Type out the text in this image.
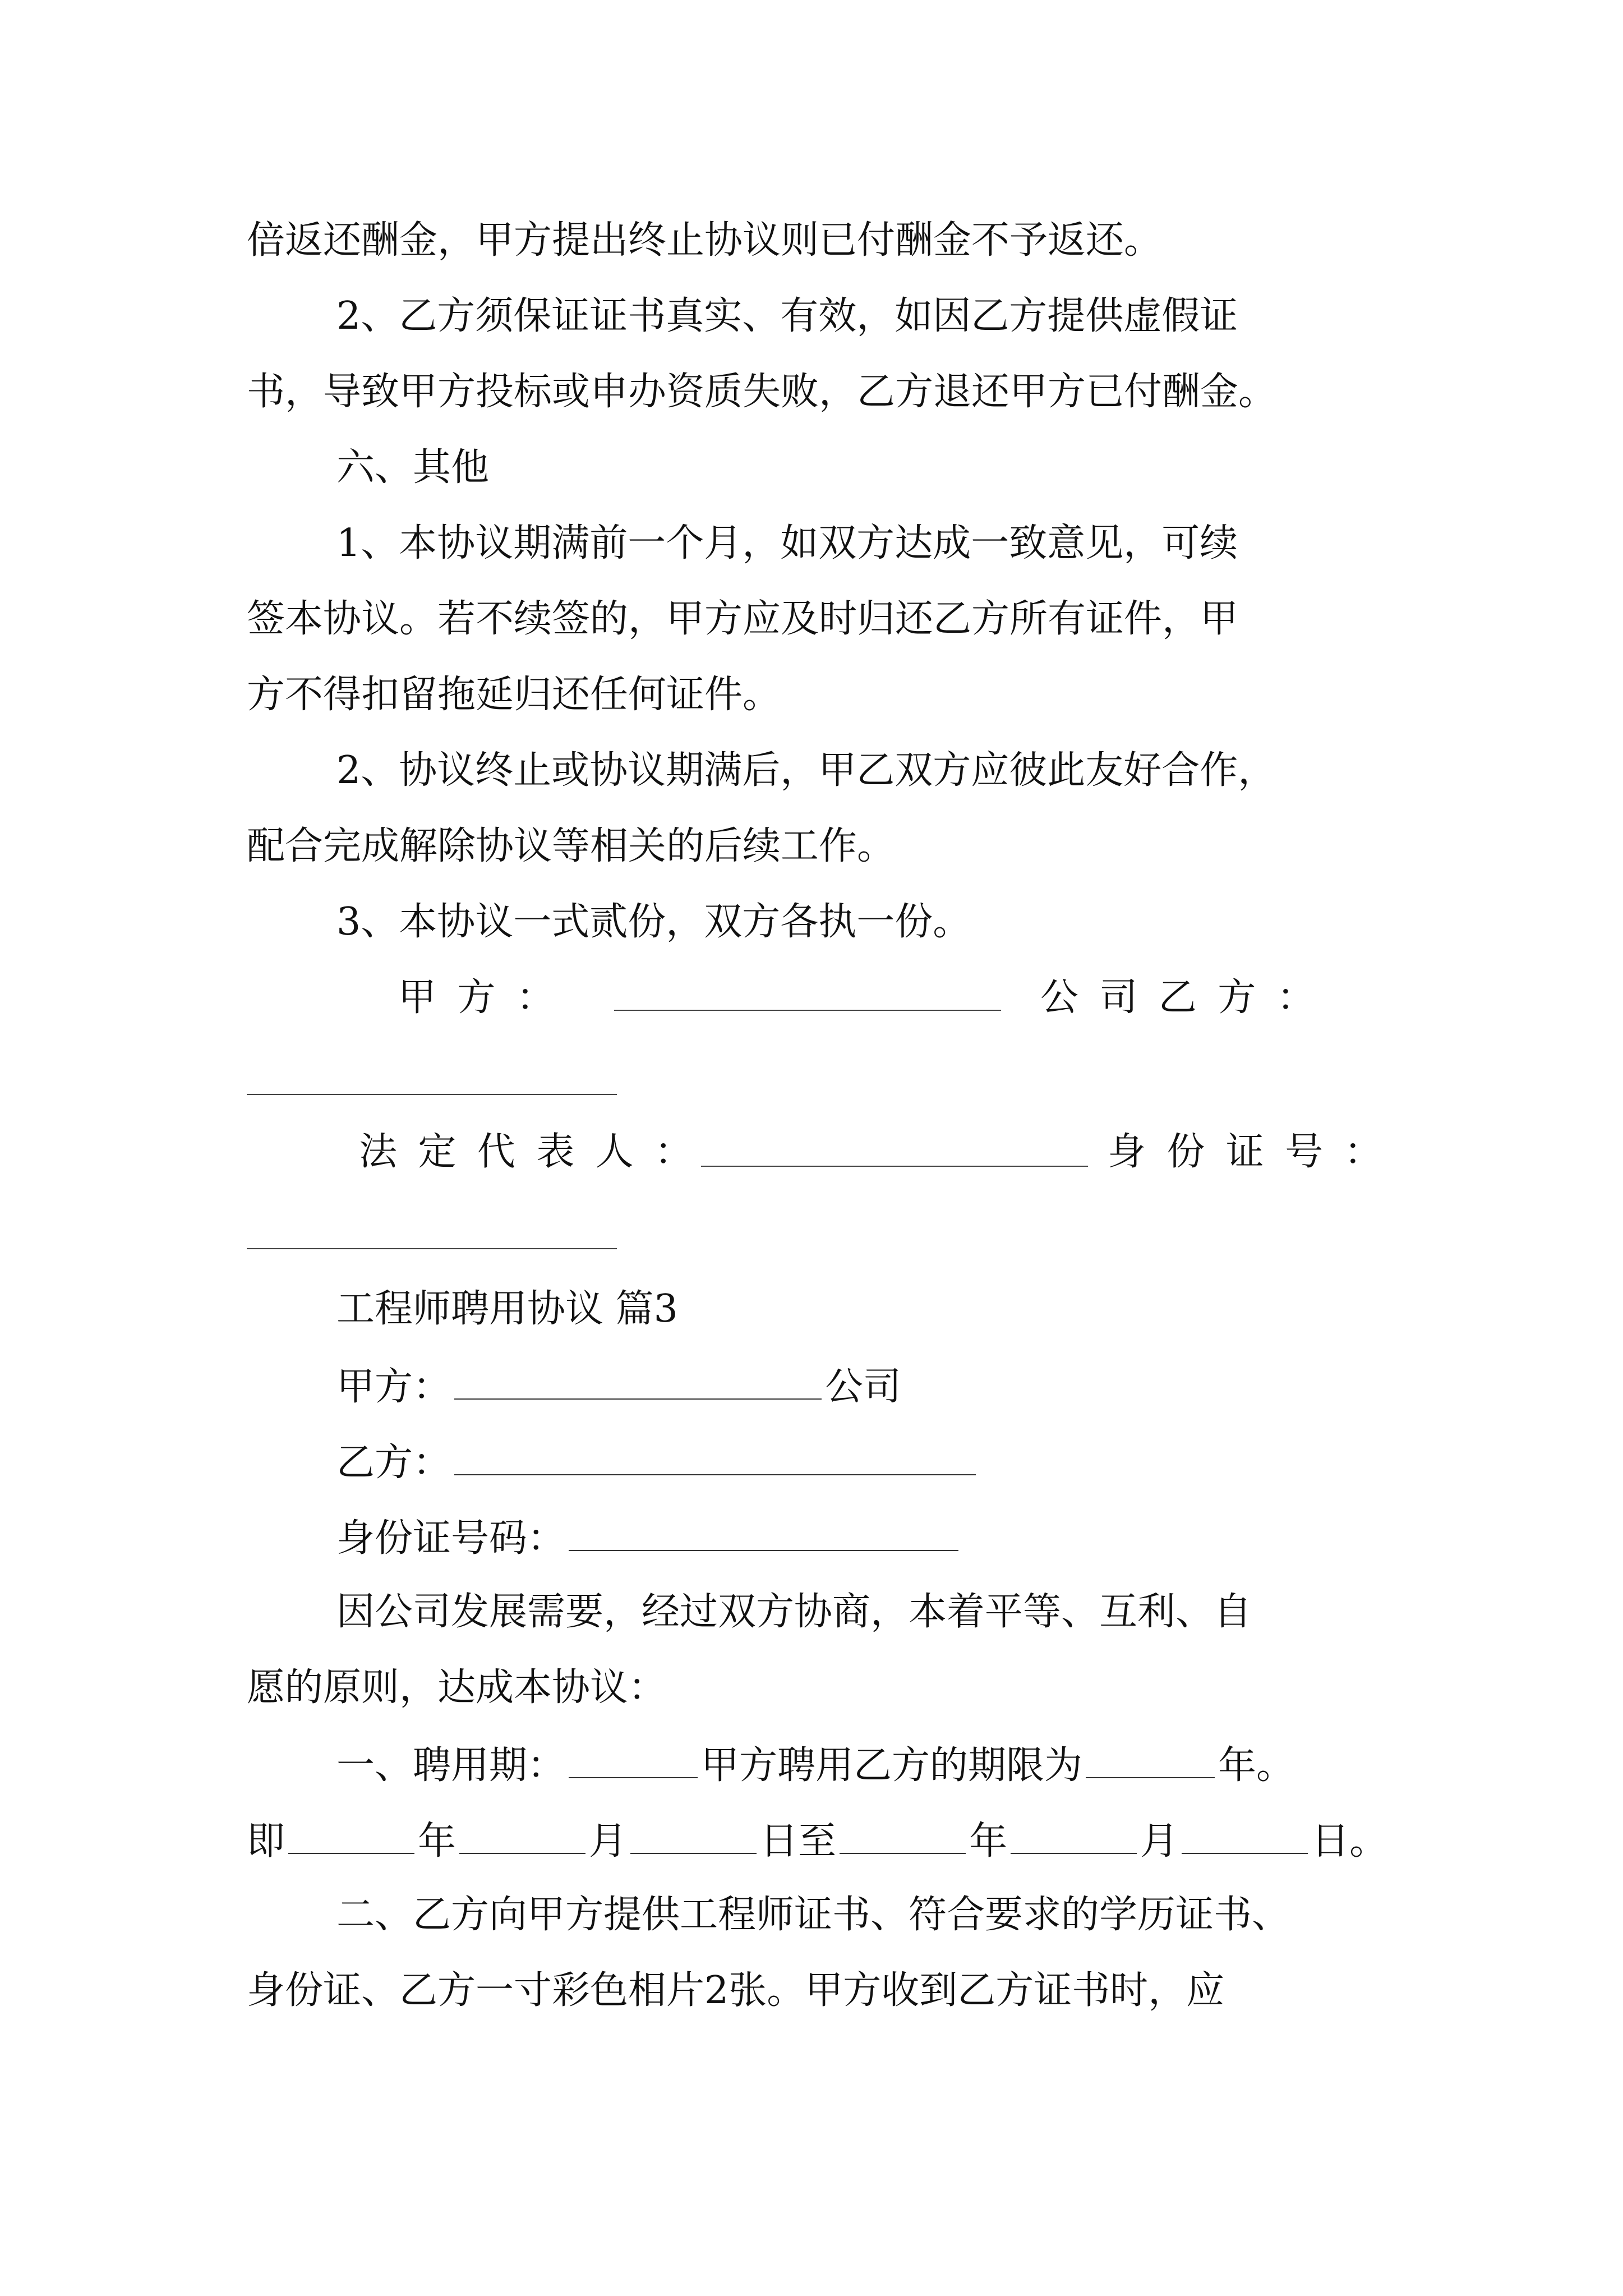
倍返还酬金，甲方提出终止协议则已付酬金不予返还。
2、乙方须保证证书真实、有效，如因乙方提供虚假证
书，导致甲方投标或申办资质失败，乙方退还甲方已付酬金。
六、其他
1、本协议期满前一个月，如双方达成一致意见，可续
签本协议。若不续签的，甲方应及时归还乙方所有证件，甲
方不得扣留拖延归还任何证件。
2、协议终止或协议期满后，甲乙双方应彼此友好合作，
配合完成解除协议等相关的后续工作。
3、本协议一式贰份，双方各执一份。
甲方：	公司乙方：
法定代表人：	身份证号：
工程师聘用协议 篇3
甲方：	公司
乙方：
身份证号码：
因公司发展需要，经过双方协商，本着平等、互利、自
愿的原则，达成本协议：
一、聘用期：	甲方聘用乙方的期限为	年。
即	年	月	日至	年	月	日。
二、乙方向甲方提供工程师证书、符合要求的学历证书、
身份证、乙方一寸彩色相片2张。甲方收到乙方证书时，应
